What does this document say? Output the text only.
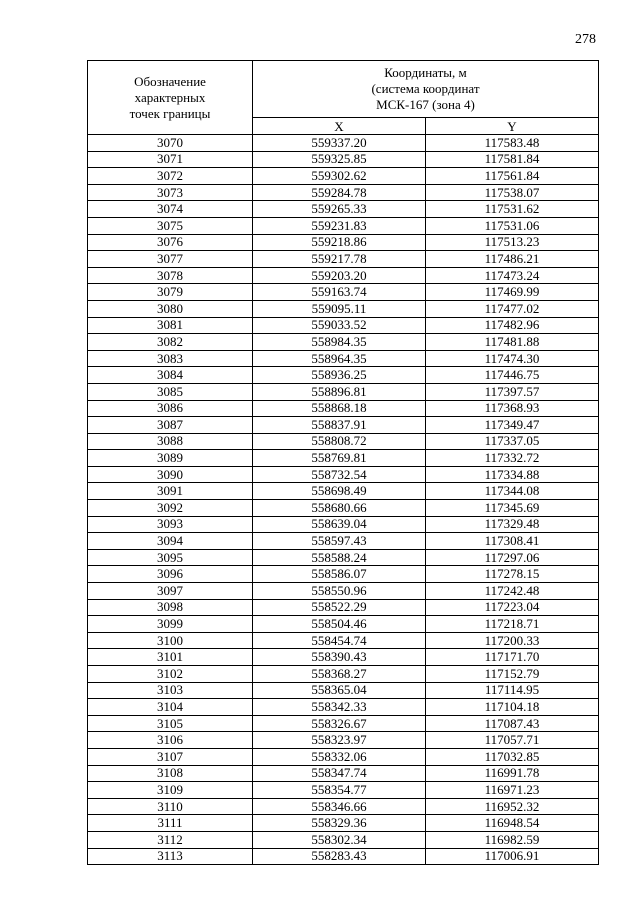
278
Обозначение
характерных
точек границы	Координаты, м
(система координат
МСК-167 (зона 4)	
	X	Y
3070	559337.20	117583.48
3071	559325.85	117581.84
3072	559302.62	117561.84
3073	559284.78	117538.07
3074	559265.33	117531.62
3075	559231.83	117531.06
3076	559218.86	117513.23
3077	559217.78	117486.21
3078	559203.20	117473.24
3079	559163.74	117469.99
3080	559095.11	117477.02
3081	559033.52	117482.96
3082	558984.35	117481.88
3083	558964.35	117474.30
3084	558936.25	117446.75
3085	558896.81	117397.57
3086	558868.18	117368.93
3087	558837.91	117349.47
3088	558808.72	117337.05
3089	558769.81	117332.72
3090	558732.54	117334.88
3091	558698.49	117344.08
3092	558680.66	117345.69
3093	558639.04	117329.48
3094	558597.43	117308.41
3095	558588.24	117297.06
3096	558586.07	117278.15
3097	558550.96	117242.48
3098	558522.29	117223.04
3099	558504.46	117218.71
3100	558454.74	117200.33
3101	558390.43	117171.70
3102	558368.27	117152.79
3103	558365.04	117114.95
3104	558342.33	117104.18
3105	558326.67	117087.43
3106	558323.97	117057.71
3107	558332.06	117032.85
3108	558347.74	116991.78
3109	558354.77	116971.23
3110	558346.66	116952.32
3111	558329.36	116948.54
3112	558302.34	116982.59
3113	558283.43	117006.91
